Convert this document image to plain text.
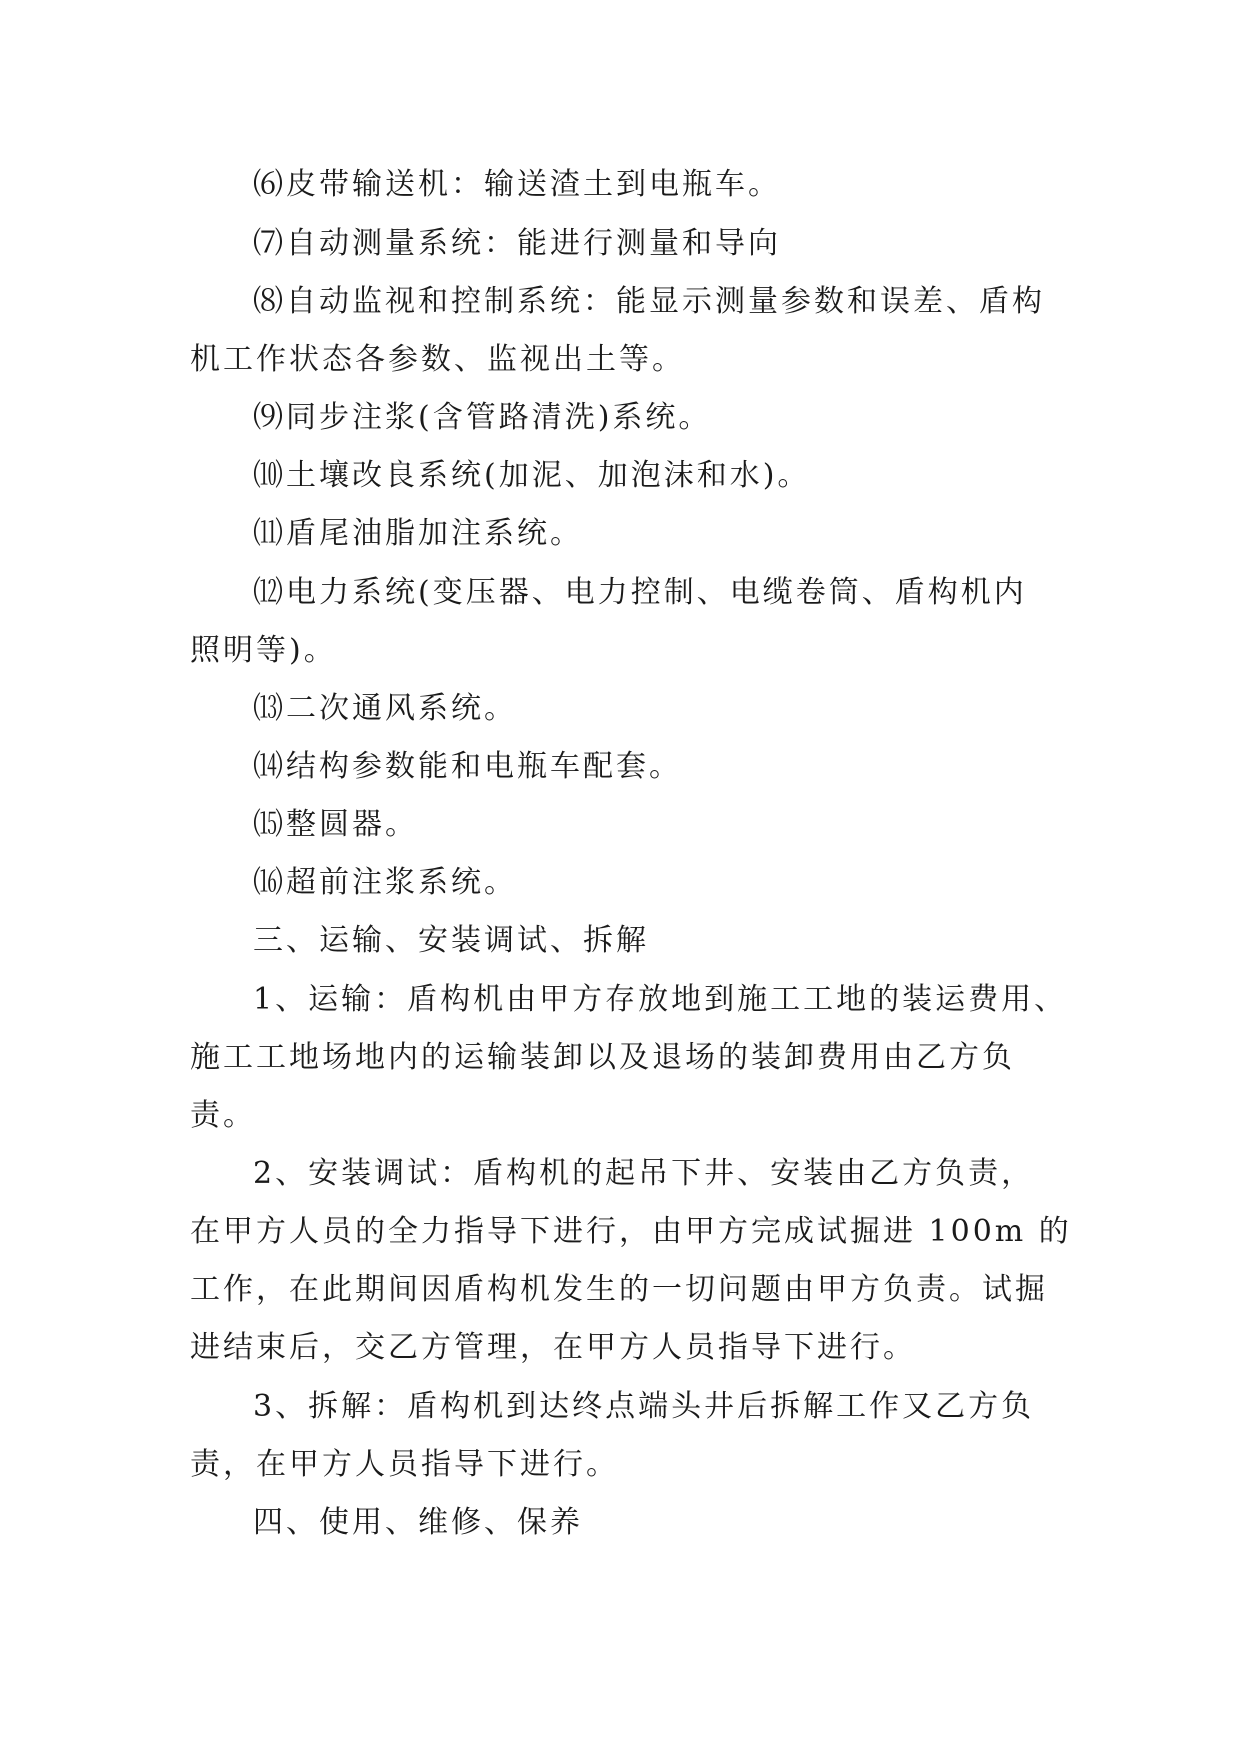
⑹皮带输送机：输送渣土到电瓶车。
⑺自动测量系统：能进行测量和导向
⑻自动监视和控制系统：能显示测量参数和误差、盾构
机工作状态各参数、监视出土等。
⑼同步注浆(含管路清洗)系统。
⑽土壤改良系统(加泥、加泡沫和水)。
⑾盾尾油脂加注系统。
⑿电力系统(变压器、电力控制、电缆卷筒、盾构机内
照明等)。
⒀二次通风系统。
⒁结构参数能和电瓶车配套。
⒂整圆器。
⒃超前注浆系统。
三、运输、安装调试、拆解
1、运输：盾构机由甲方存放地到施工工地的装运费用、
施工工地场地内的运输装卸以及退场的装卸费用由乙方负
责。
2、安装调试：盾构机的起吊下井、安装由乙方负责，
在甲方人员的全力指导下进行，由甲方完成试掘进 100m 的
工作，在此期间因盾构机发生的一切问题由甲方负责。试掘
进结束后，交乙方管理，在甲方人员指导下进行。
3、拆解：盾构机到达终点端头井后拆解工作又乙方负
责，在甲方人员指导下进行。
四、使用、维修、保养
